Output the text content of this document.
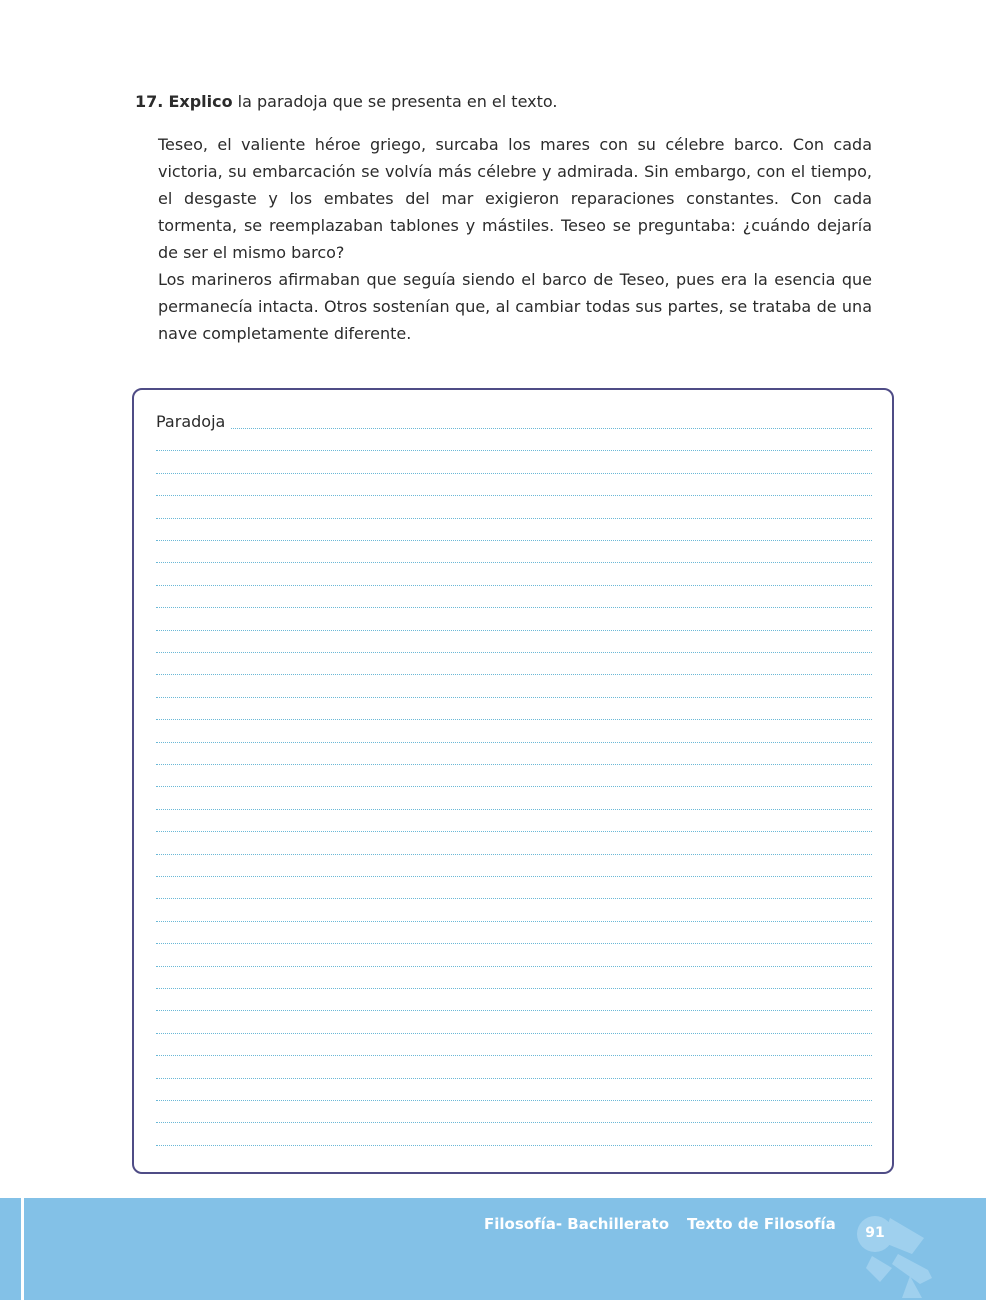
17. Explico la paradoja que se presenta en el texto.

Teseo, el valiente héroe griego, surcaba los mares con su célebre barco. Con cada victoria, su embarcación se volvía más célebre y admirada. Sin embargo, con el tiempo, el desgaste y los embates del mar exigieron reparaciones constantes. Con cada tormenta, se reemplazaban tablones y mástiles. Teseo se preguntaba: ¿cuándo dejaría de ser el mismo barco?

Los marineros afirmaban que seguía siendo el barco de Teseo, pues era la esencia que permanecía intacta. Otros sostenían que, al cambiar todas sus partes, se trataba de una nave completamente diferente.

Paradoja
Filosofía- Bachillerato Texto de Filosofía 91
